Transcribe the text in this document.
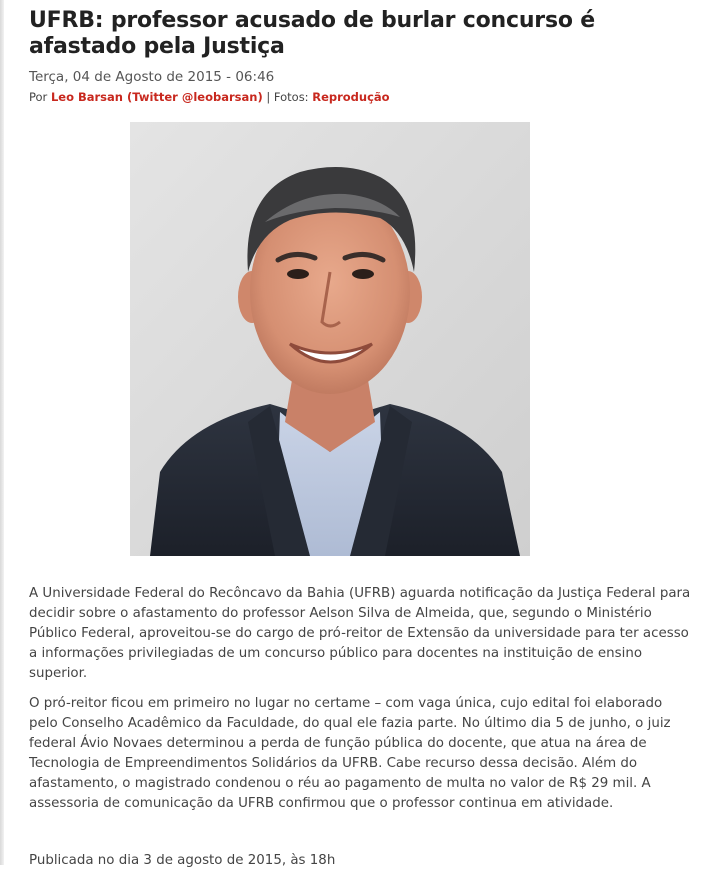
UFRB: professor acusado de burlar concurso é afastado pela Justiça
Terça, 04 de Agosto de 2015 - 06:46
Por Leo Barsan (Twitter @leobarsan) | Fotos: Reprodução

A Universidade Federal do Recôncavo da Bahia (UFRB) aguarda notificação da Justiça Federal para decidir sobre o afastamento do professor Aelson Silva de Almeida, que, segundo o Ministério Público Federal, aproveitou-se do cargo de pró-reitor de Extensão da universidade para ter acesso a informações privilegiadas de um concurso público para docentes na instituição de ensino superior.

O pró-reitor ficou em primeiro no lugar no certame – com vaga única, cujo edital foi elaborado pelo Conselho Acadêmico da Faculdade, do qual ele fazia parte. No último dia 5 de junho, o juiz federal Ávio Novaes determinou a perda de função pública do docente, que atua na área de Tecnologia de Empreendimentos Solidários da UFRB. Cabe recurso dessa decisão. Além do afastamento, o magistrado condenou o réu ao pagamento de multa no valor de R$ 29 mil. A assessoria de comunicação da UFRB confirmou que o professor continua em atividade.

Publicada no dia 3 de agosto de 2015, às 18h
